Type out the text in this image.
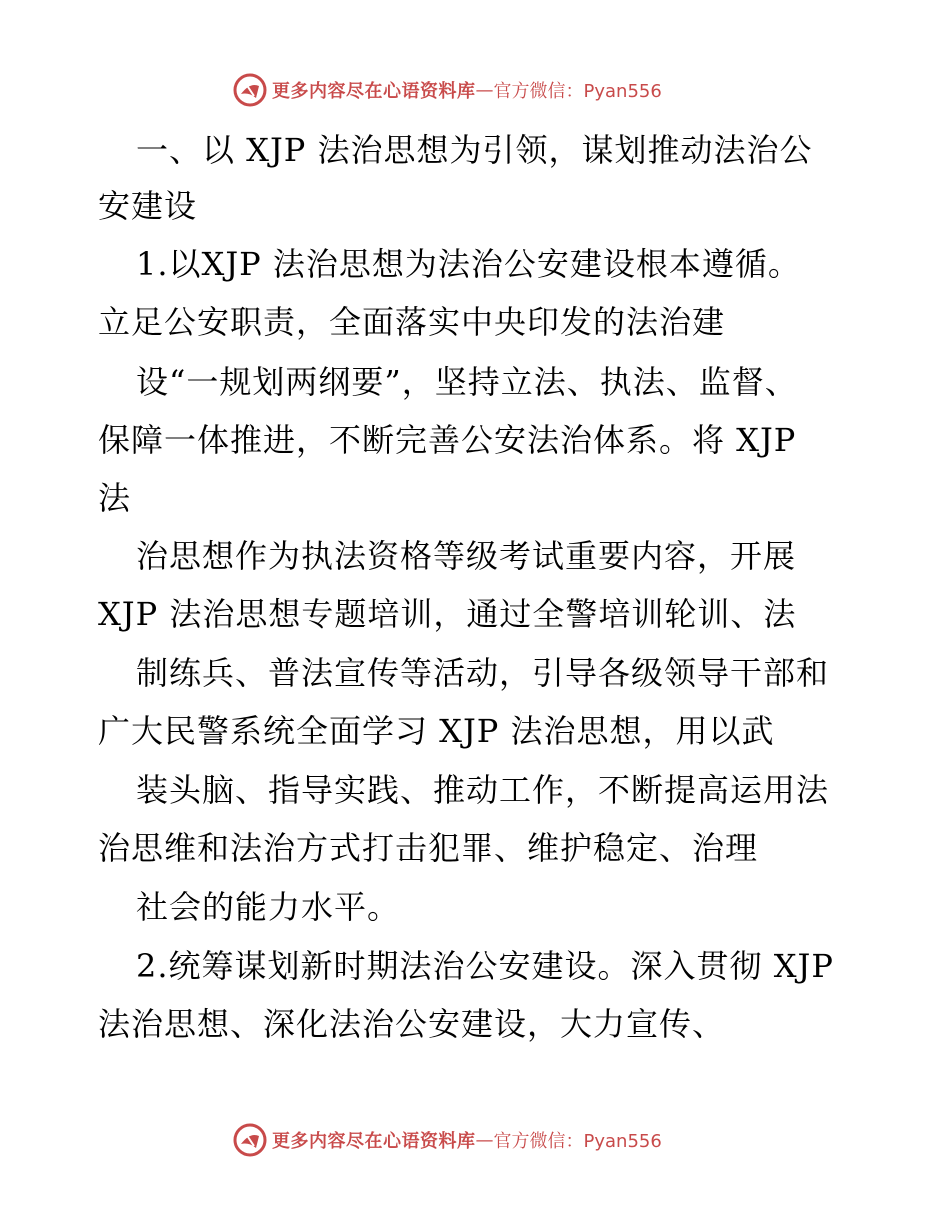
更多内容尽在心语资料库 — 官方微信：Pyan556
一、以 XJP 法治思想为引领，谋划推动法治公
安建设
1.以XJP 法治思想为法治公安建设根本遵循。
立足公安职责，全面落实中央印发的法治建
设“一规划两纲要”，坚持立法、执法、监督、
保障一体推进，不断完善公安法治体系。将 XJP
法
治思想作为执法资格等级考试重要内容，开展
XJP 法治思想专题培训，通过全警培训轮训、法
制练兵、普法宣传等活动，引导各级领导干部和
广大民警系统全面学习 XJP 法治思想，用以武
装头脑、指导实践、推动工作，不断提高运用法
治思维和法治方式打击犯罪、维护稳定、治理
社会的能力水平。
2.统筹谋划新时期法治公安建设。深入贯彻 XJP
法治思想、深化法治公安建设，大力宣传、
更多内容尽在心语资料库 — 官方微信：Pyan556
